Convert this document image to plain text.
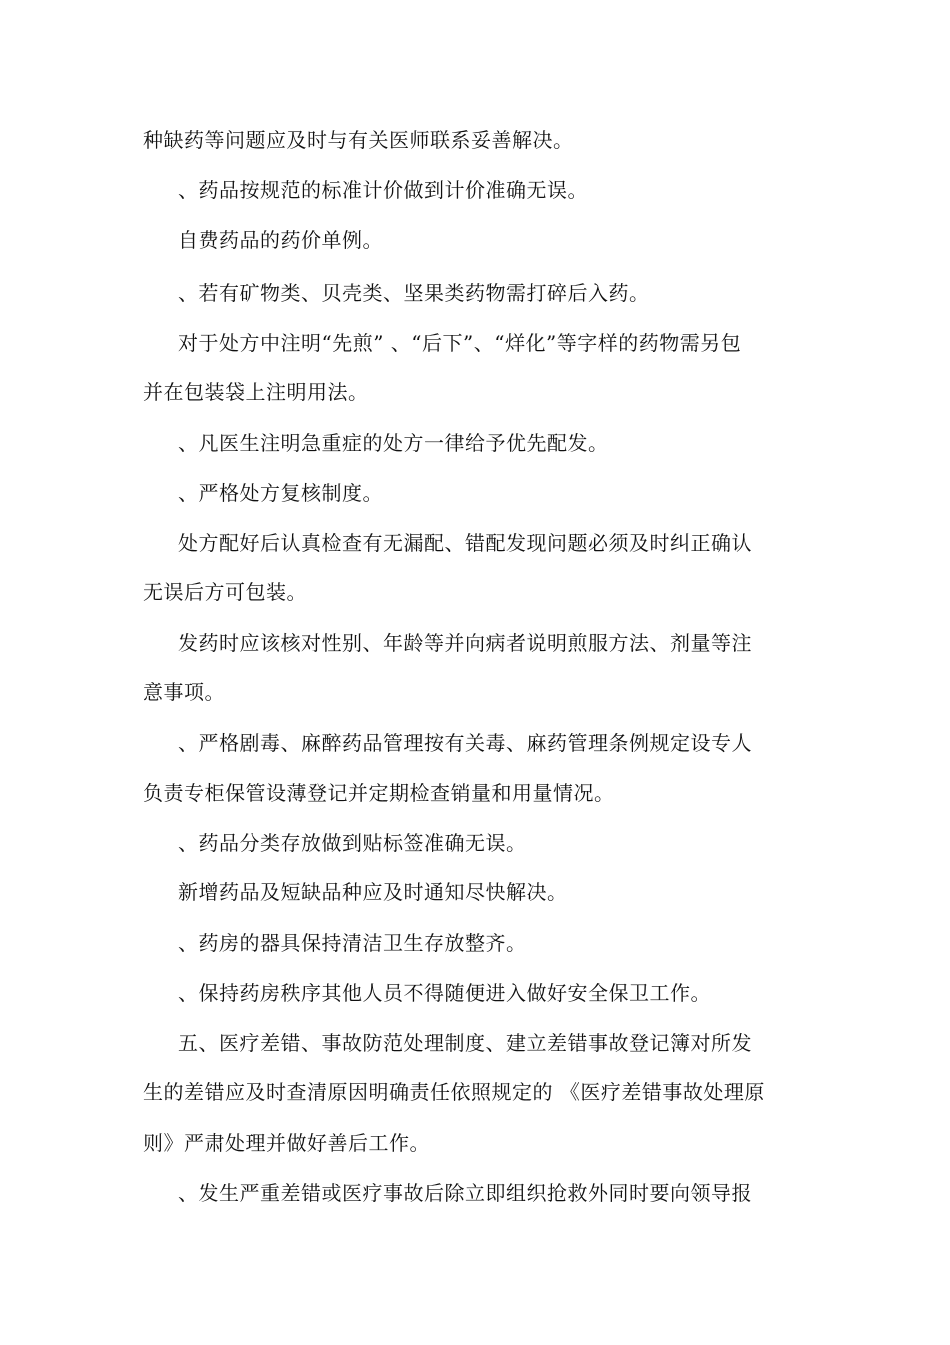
种缺药等问题应及时与有关医师联系妥善解决。
、药品按规范的标准计价做到计价准确无误。
自费药品的药价单例。
、若有矿物类、贝壳类、坚果类药物需打碎后入药。
对于处方中注明“先煎” 、“后下”、“烊化”等字样的药物需另包
并在包装袋上注明用法。
、凡医生注明急重症的处方一律给予优先配发。
、严格处方复核制度。
处方配好后认真检查有无漏配、错配发现问题必须及时纠正确认
无误后方可包装。
发药时应该核对性别、年龄等并向病者说明煎服方法、剂量等注
意事项。
、严格剧毒、麻醉药品管理按有关毒、麻药管理条例规定设专人
负责专柜保管设薄登记并定期检查销量和用量情况。
、药品分类存放做到贴标签准确无误。
新增药品及短缺品种应及时通知尽快解决。
、药房的器具保持清洁卫生存放整齐。
、保持药房秩序其他人员不得随便进入做好安全保卫工作。
五、医疗差错、事故防范处理制度、建立差错事故登记簿对所发
生的差错应及时查清原因明确责任依照规定的 《医疗差错事故处理原
则》严肃处理并做好善后工作。
、发生严重差错或医疗事故后除立即组织抢救外同时要向领导报
